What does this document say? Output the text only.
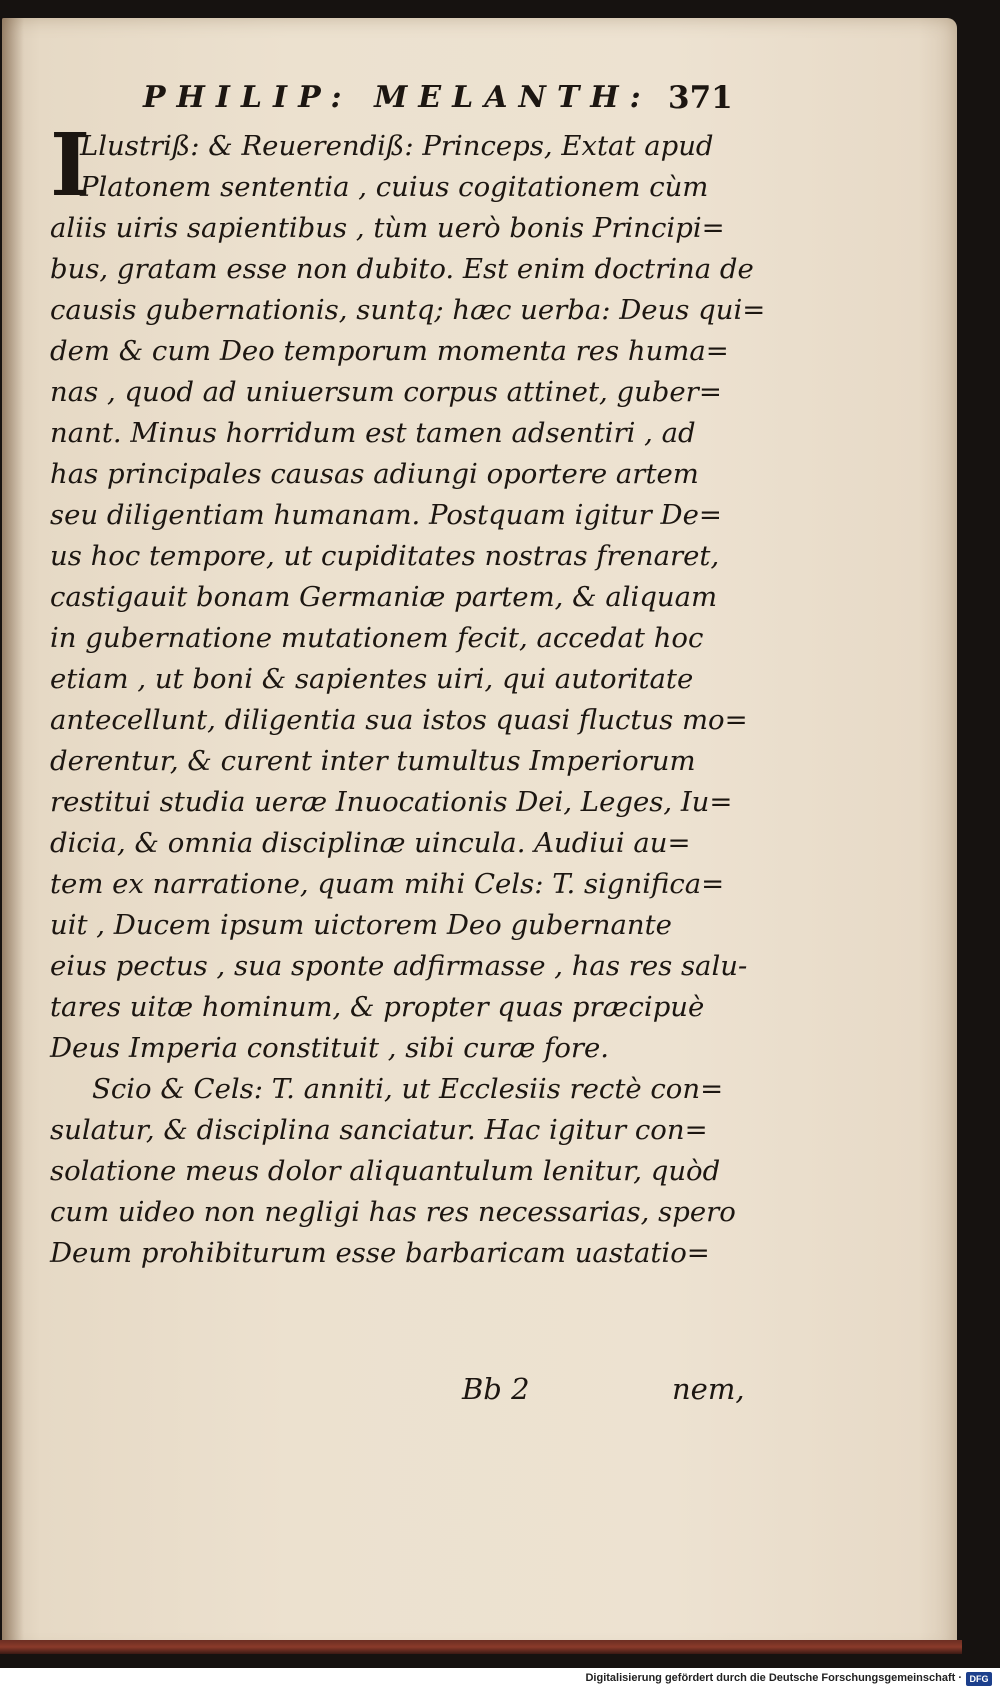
PHILIP: MELANTH: 371
I
Llustriß: & Reuerendiß: Princeps, Extat apud
Platonem sententia , cuius cogitationem cùm
aliis uiris sapientibus , tùm uerò bonis Principi=
bus, gratam esse non dubito. Est enim doctrina de
causis gubernationis, suntq; hæc uerba: Deus qui=
dem & cum Deo temporum momenta res huma=
nas , quod ad uniuersum corpus attinet, guber=
nant. Minus horridum est tamen adsentiri , ad
has principales causas adiungi oportere artem
seu diligentiam humanam. Postquam igitur De=
us hoc tempore, ut cupiditates nostras frenaret,
castigauit bonam Germaniæ partem, & aliquam
in gubernatione mutationem fecit, accedat hoc
etiam , ut boni & sapientes uiri, qui autoritate
antecellunt, diligentia sua istos quasi fluctus mo=
derentur, & curent inter tumultus Imperiorum
restitui studia ueræ Inuocationis Dei, Leges, Iu=
dicia, & omnia disciplinæ uincula. Audiui au=
tem ex narratione, quam mihi Cels: T. significa=
uit , Ducem ipsum uictorem Deo gubernante
eius pectus , sua sponte adfirmasse , has res salu-
tares uitæ hominum, & propter quas præcipuè
Deus Imperia constituit , sibi curæ fore.
Scio & Cels: T. anniti, ut Ecclesiis rectè con=
sulatur, & disciplina sanciatur. Hac igitur con=
solatione meus dolor aliquantulum lenitur, quòd
cum uideo non negligi has res necessarias, spero
Deum prohibiturum esse barbaricam uastatio=
Bb 2	nem,
Digitalisierung gefördert durch die Deutsche Forschungsgemeinschaft · DFG
